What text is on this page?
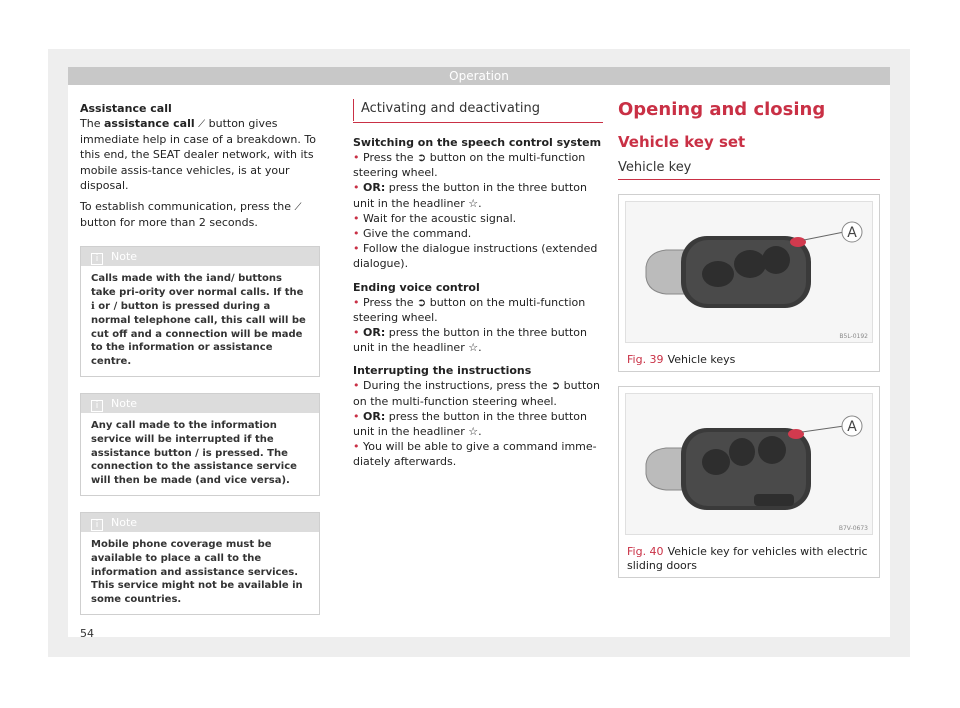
Operation
Assistance call

The assistance call ⟋ button gives immediate help in case of a breakdown. To this end, the SEAT dealer network, with its mobile assis-tance vehicles, is at your disposal.

To establish communication, press the ⟋
button for more than 2 seconds.

i Note
Calls made with the ℹand∕ buttons take pri-ority over normal calls. If the ℹ or ∕ button is pressed during a normal telephone call, this call will be cut off and a connection will be made to the information or assistance centre.
i Note
Any call made to the information service will be interrupted if the assistance button ∕ is pressed. The connection to the assistance service will then be made (and vice versa).
i Note
Mobile phone coverage must be available to place a call to the information and assistance services. This service might not be available in some countries.
Activating and deactivating
Switching on the speech control system

• Press the ➲ button on the multi-function steering wheel.

• OR: press the button in the three button unit in the headliner ☆.

• Wait for the acoustic signal.

• Give the command.

• Follow the dialogue instructions (extended dialogue).

Ending voice control

• Press the ➲ button on the multi-function steering wheel.

• OR: press the button in the three button unit in the headliner ☆.

Interrupting the instructions

• During the instructions, press the ➲ button on the multi-function steering wheel.

• OR: press the button in the three button unit in the headliner ☆.

• You will be able to give a command imme-diately afterwards.

Opening and closing
Vehicle key set
Vehicle key
A
B5L-0192
Fig. 39 Vehicle keys
A
B7V-0673
Fig. 40 Vehicle key for vehicles with electric sliding doors
54
